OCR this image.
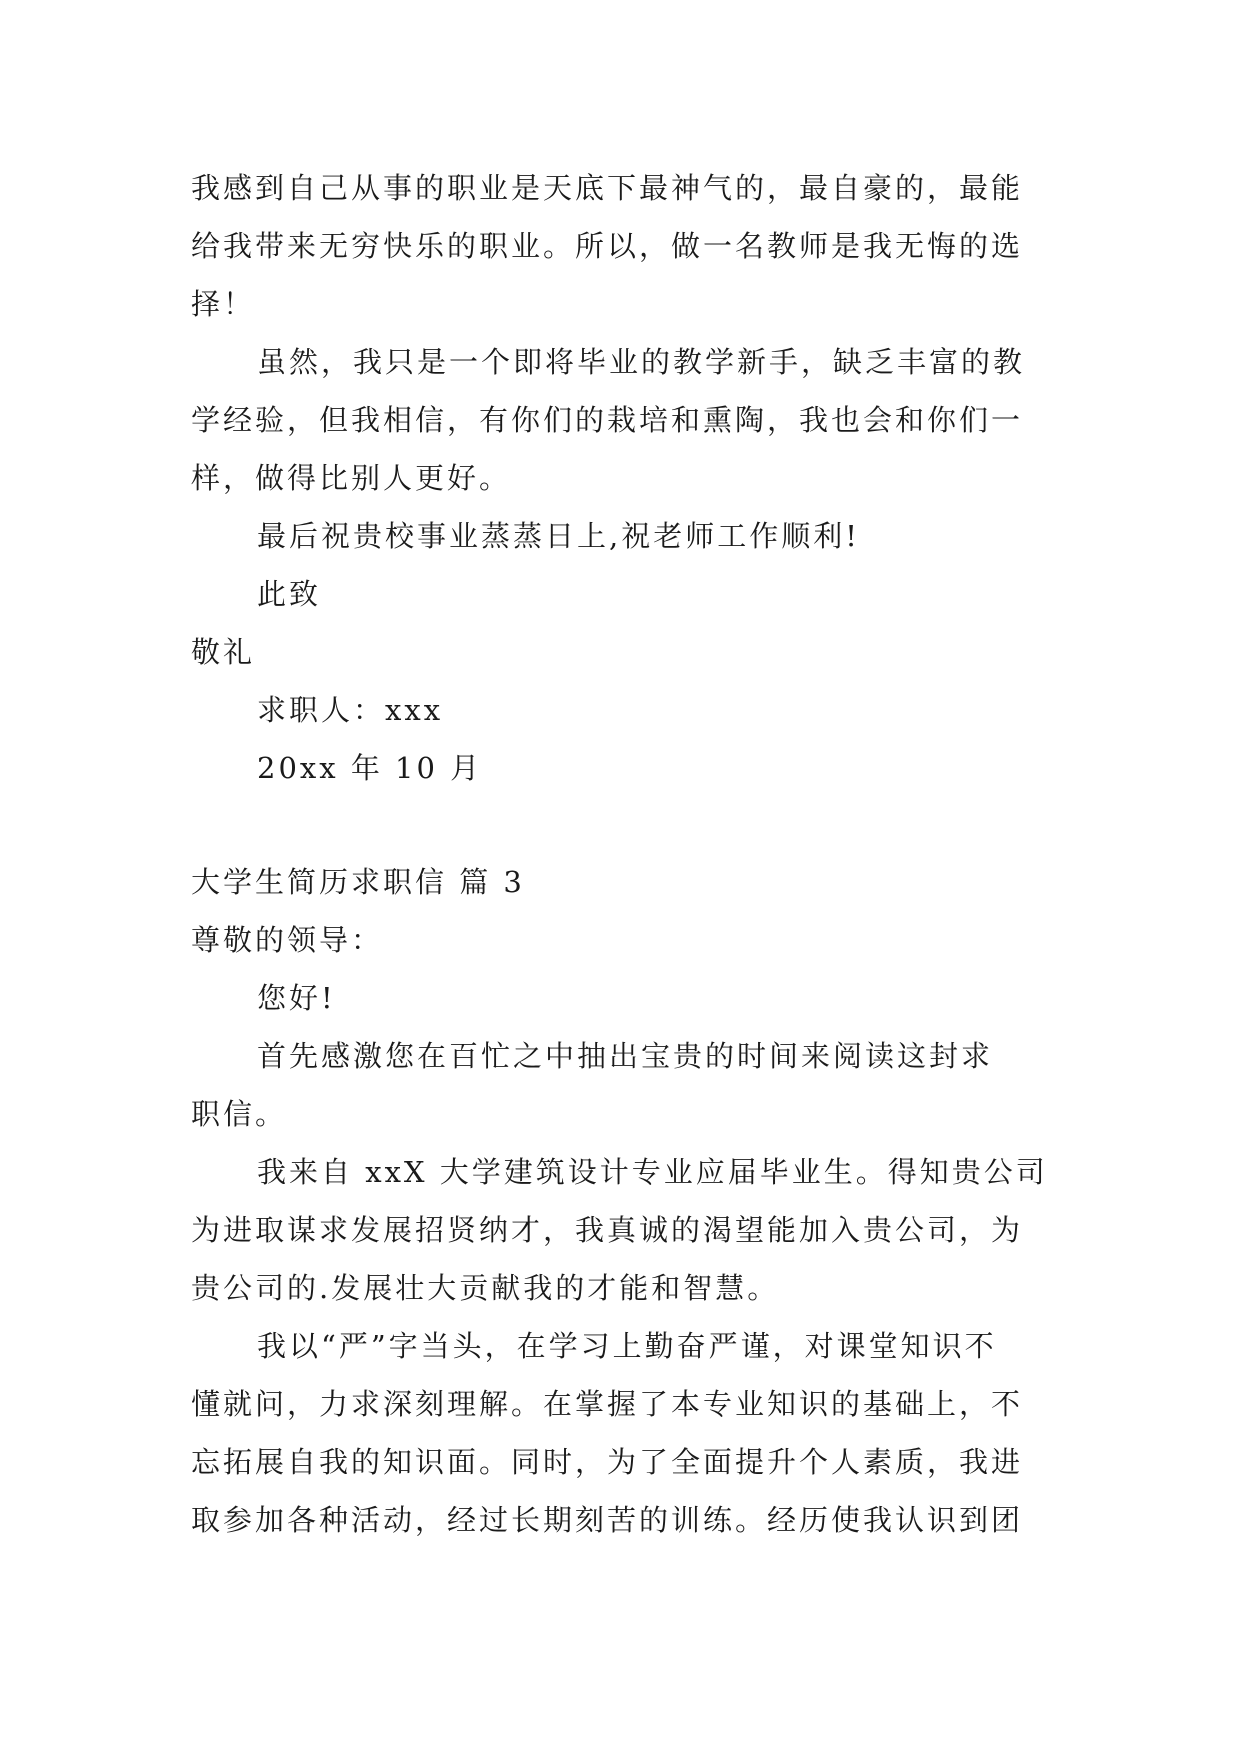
我感到自己从事的职业是天底下最神气的，最自豪的，最能
给我带来无穷快乐的职业。所以，做一名教师是我无悔的选
择！
虽然，我只是一个即将毕业的教学新手，缺乏丰富的教
学经验，但我相信，有你们的栽培和熏陶，我也会和你们一
样，做得比别人更好。
最后祝贵校事业蒸蒸日上,祝老师工作顺利!
此致
敬礼
求职人：xxx
20xx 年 10 月
大学生简历求职信 篇 3
尊敬的领导：
您好!
首先感激您在百忙之中抽出宝贵的时间来阅读这封求
职信。
我来自 xxX 大学建筑设计专业应届毕业生。得知贵公司
为进取谋求发展招贤纳才，我真诚的渴望能加入贵公司，为
贵公司的.发展壮大贡献我的才能和智慧。
我以“严”字当头，在学习上勤奋严谨，对课堂知识不
懂就问，力求深刻理解。在掌握了本专业知识的基础上，不
忘拓展自我的知识面。同时，为了全面提升个人素质，我进
取参加各种活动，经过长期刻苦的训练。经历使我认识到团
